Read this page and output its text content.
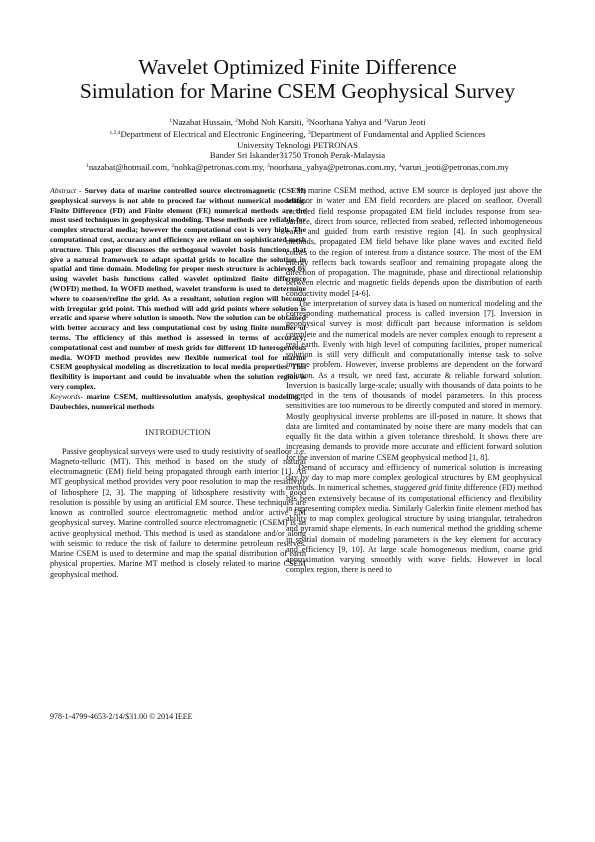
Wavelet Optimized Finite Difference
Simulation for Marine CSEM Geophysical Survey
$^1$Nazabat Hussain, $^2$Mohd Noh Karsiti, $^3$Noorhana Yahya and $^4$Varun Jeoti
$^{1,2,4}$Department of Electrical and Electronic Engineering, $^3$Department of Fundamental and Applied Sciences
University Teknologi PETRONAS
Bander Sri Iskander31750 Tronoh Perak-Malaysia
$^1$nazabat@hotmail.com, $^2$nohka@petronas.com.my, $^3$noorhana_yahya@petronas.com.my, $^4$varun_jeoti@petronas.com.my

Abstract - Survey data of marine controlled source electromagnetic (CSEM) geophysical surveys is not able to proceed far without numerical modeling. Finite Difference (FD) and Finite element (FE) numerical methods are the most used techniques in geophysical modeling. These methods are reliable for complex structural media; however the computational cost is very high. The computational cost, accuracy and efficiency are reliant on sophisticated mesh structure. This paper discusses the orthogonal wavelet basis functions that give a natural framework to adapt spatial grids to localize the solution in spatial and time domain. Modeling for proper mesh structure is achieved by using wavelet basis functions called wavelet optimized finite difference (WOFD) method. In WOFD method, wavelet transform is used to determine where to coarsen/refine the grid. As a resultant, solution region will become with irregular grid point. This method will add grid points where solution is erratic and sparse where solution is smooth. Now the solution can be obtained with better accuracy and less computational cost by using finite number of terms. The efficiency of this method is assessed in terms of accuracy; computational cost and number of mesh grids for different 1D heterogeneous media. WOFD method provides new flexible numerical tool for marine CSEM geophysical modeling as discretization to local media properties. This flexibility is important and could be invaluable when the solution region is very complex.

Keywords- marine CSEM, multiresolution analysis, geophysical modeling, , Daubechies, numerical methods

INTRODUCTION

Passive geophysical surveys were used to study resistivity of seafloor .i.e. Magneto-telluric (MT). This method is based on the study of natural electromagnetic (EM) field being propagated through earth interior [1]. An MT geophysical method provides very poor resolution to map the resistivity of lithosphere [2, 3]. The mapping of lithosphere resistivity with good resolution is possible by using an artificial EM source. These techniques are known as controlled source electromagnetic method and/or active EM geophysical survey. Marine controlled source electromagnetic (CSEM) is an active geophysical method. This method is used as standalone and/or along with seismic to reduce the risk of failure to determine petroleum reserves. Marine CSEM is used to determine and map the spatial distribution of earth physical properties. Marine MT method is closely related to marine CSEM geophysical method.

In marine CSEM method, active EM source is deployed just above the seafloor in water and EM field recorders are placed on seafloor. Overall recorded field response propagated EM field includes response from sea-surface, direct from source, reflected from seabed, reflected inhomogeneous earth and guided from earth resistive region [4]. In such geophysical methods, propagated EM field behave like plane waves and excited field comes to the region of interest from a distance source. The most of the EM energy reflects back towards seafloor and remaining propagate along the direction of propagation. The magnitude, phase and directional relationship between electric and magnetic fields depends upon the distribution of earth conductivity model [4-6].

The interpretation of survey data is based on numerical modeling and the corresponding mathematical process is called inversion [7]. Inversion in geophysical survey is most difficult part because information is seldom complete and the numerical models are never complex enough to represent a real earth. Evenly with high level of computing facilities, proper numerical solution is still very difficult and computationally intense task to solve inverse problem. However, inverse problems are dependent on the forward solution. As a result, we need fast, accurate & reliable forward solution. Inversion is basically large-scale; usually with thousands of data points to be inverted in the tens of thousands of model parameters. In this process sensitivities are too numerous to be directly computed and stored in memory. Mostly geophysical inverse problems are ill-posed in nature. It shows that data are limited and contaminated by noise there are many models that can equally fit the data within a given tolerance threshold. It shows there are increasing demands to provide more accurate and efficient forward solution for the inversion of marine CSEM geophysical method [1, 8].

Demand of accuracy and efficiency of numerical solution is increasing day by day to map more complex geological structures by EM geophysical methods. In numerical schemes, staggered grid finite difference (FD) method has been extensively because of its computational efficiency and flexibility in representing complex media. Similarly Galerkin finite element method has ability to map complex geological structure by using triangular, tetrahedron and pyramid shape elements. In each numerical method the gridding scheme in spatial domain of modeling parameters is the key element for accuracy and efficiency [9, 10]. At large scale homogeneous medium, coarse grid approximation varying smoothly with wave fields. However in local complex region, there is need to

978-1-4799-4653-2/14/$31.00 © 2014 IEEE
